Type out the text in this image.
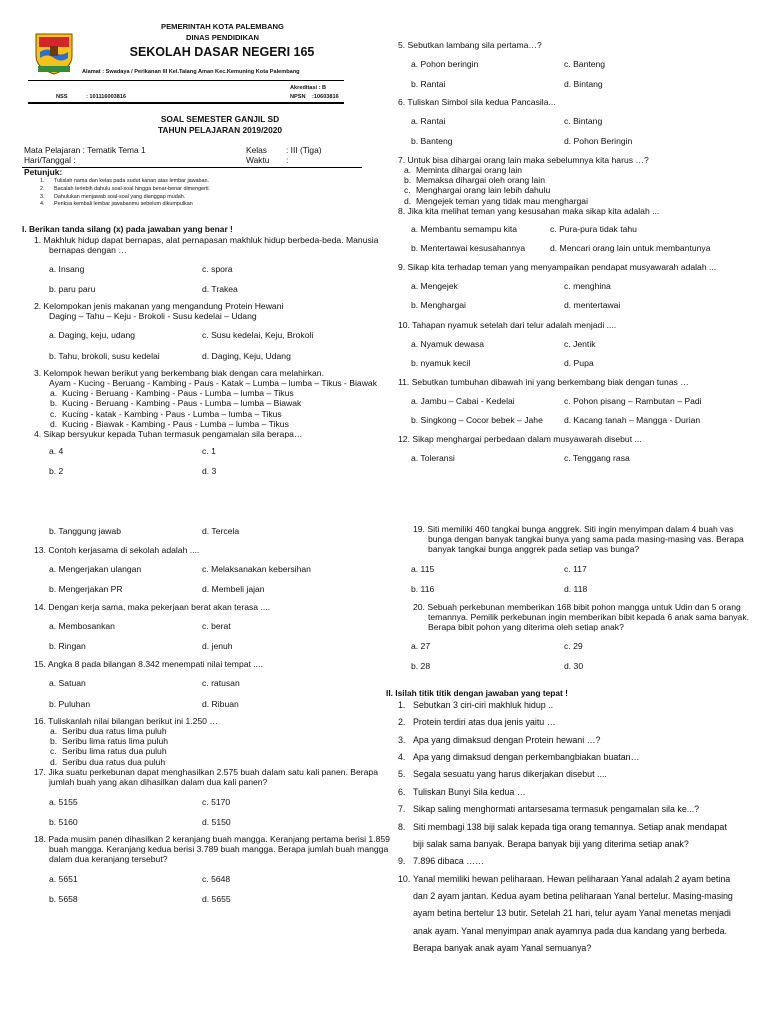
PEMERINTAH KOTA PALEMBANG
DINAS PENDIDIKAN
SEKOLAH DASAR NEGERI 165
Alamat : Swadaya / Perikanan III Kel.Talang Aman Kec.Kemuning Kota Palembang
Akreditasi : B
NSS	: 101116003816	NPSN :10603816
SOAL SEMESTER GANJIL SD
TAHUN PELAJARAN 2019/2020
Mata Pelajaran : Tematik Tema 1	Kelas : III (Tiga)
Hari/Tanggal :	Waktu :
Petunjuk:
1. Tulislah nama dan kelas pada sudut kanan atas lembar jawaban.
2. Bacalah terlebih dahulu soal-soal hingga benar-benar dimengerti.
3. Dahulukan menjawab soal-soal yang dianggap mudah.
4. Periksa kembali lembar jawabanmu sebelum dikumpulkan
I. Berikan tanda silang (x) pada jawaban yang benar !

1. Makhluk hidup dapat bernapas, alat pernapasan makhluk hidup berbeda-beda. Manusia

bernapas dengan …

a. Insang	c. spora
b. paru paru	d. Trakea

2. Kelompokan jenis makanan yang mengandung Protein Hewani

Daging – Tahu – Keju - Brokoli - Susu kedelai – Udang

a. Daging, keju, udang	c. Susu kedelai, Keju, Brokoli
b. Tahu, brokoli, susu kedelai	d. Daging, Keju, Udang

3. Kelompok hewan berikut yang berkembang biak dengan cara melahirkan.

Ayam - Kucing - Beruang - Kambing - Paus - Katak – Lumba – lumba – Tikus - Biawak

a. Kucing - Beruang - Kambing - Paus - Lumba – lumba – Tikus
b. Kucing - Beruang - Kambing - Paus - Lumba – lumba – Biawak
c. Kucing - katak - Kambing - Paus - Lumba – lumba – Tikus
d. Kucing - Biawak - Kambing - Paus - Lumba – lumba – Tikus

4. Sikap bersyukur kepada Tuhan termasuk pengamalan sila berapa…

a. 4	c. 1
b. 2	d. 3
5. Sebutkan lambang sila pertama…?
a. Pohon beringin	c. Banteng
b. Rantai	d. Bintang
6. Tuliskan Simbol sila kedua Pancasila...
a. Rantai	c. Bintang
b. Banteng	d. Pohon Beringin

7. Untuk bisa dihargai orang lain maka sebelumnya kita harus …?

a. Meminta dihargai orang lain
b. Memaksa dihargai oleh orang lain
c. Menghargai orang lain lebih dahulu
d. Mengejek teman yang tidak mau menghargai

8. Jika kita melihat teman yang kesusahan maka sikap kita adalah ...

a. Membantu semampu kita	c. Pura-pura tidak tahu
b. Mentertawai kesusahannya	d. Mencari orang lain untuk membantunya
9. Sikap kita terhadap teman yang menyampaikan pendapat musyawarah adalah ...
a. Mengejek	c. menghina
b. Menghargai	d. mentertawai
10. Tahapan nyamuk setelah dari telur adalah menjadi ....
a. Nyamuk dewasa	c. Jentik
b. nyamuk kecil	d. Pupa
11. Sebutkan tumbuhan dibawah ini yang berkembang biak dengan tunas …
a. Jambu – Cabai - Kedelai	c. Pohon pisang – Rambutan – Padi
b. Singkong – Cocor bebek – Jahe d. Kacang tanah – Mangga - Durian
12. Sikap menghargai perbedaan dalam musyawarah disebut ...
a. Toleransi	c. Tenggang rasa
b. Tanggung jawab	d. Tercela
13. Contoh kerjasama di sekolah adalah ....
a. Mengerjakan ulangan	c. Melaksanakan kebersihan
b. Mengerjakan PR	d. Membeli jajan
14. Dengan kerja sama, maka pekerjaan berat akan terasa ....
a. Membosankan	c. berat
b. Ringan	d. jenuh
15. Angka 8 pada bilangan 8.342 menempati nilai tempat ....
a. Satuan	c. ratusan
b. Puluhan	d. Ribuan

16. Tuliskanlah nilai bilangan berikut ini 1.250 …

a. Seribu dua ratus lima puluh
b. Seribu lima ratus lima puluh
c. Seribu lima ratus dua puluh
d. Seribu dua ratus dua puluh

17. Jika suatu perkebunan dapat menghasilkan 2.575 buah dalam satu kali panen. Berapa

jumlah buah yang akan dihasilkan dalam dua kali panen?

a. 5155	c. 5170
b. 5160	d. 5150

18. Pada musim panen dihasilkan 2 keranjang buah mangga. Keranjang pertama berisi 1.859

buah mangga. Keranjang kedua berisi 3.789 buah mangga. Berapa jumlah buah mangga

dalam dua keranjang tersebut?

a. 5651	c. 5648
b. 5658	d. 5655

19. Siti memiliki 460 tangkai bunga anggrek. Siti ingin menyimpan dalam 4 buah vas

bunga dengan banyak tangkai bunya yang sama pada masing-masing vas. Berapa

banyak tangkai bunga anggrek pada setiap vas bunga?

a. 115	c. 117
b. 116	d. 118

20. Sebuah perkebunan memberikan 168 bibit pohon mangga untuk Udin dan 5 orang

temannya. Pemilik perkebunan ingin memberikan bibit kepada 6 anak sama banyak.

Berapa bibit pohon yang diterima oleh setiap anak?

a. 27	c. 29
b. 28	d. 30
II. Isilah titik titik dengan jawaban yang tepat !
1. Sebutkan 3 ciri-ciri makhluk hidup ..
2. Protein terdiri atas dua jenis yaitu …
3. Apa yang dimaksud dengan Protein hewani …?
4. Apa yang dimaksud dengan perkembangbiakan buatan…
5. Segala sesuatu yang harus dikerjakan disebut ....
6. Tuliskan Bunyi Sila kedua …
7. Sikap saling menghormati antarsesama termasuk pengamalan sila ke...?
8. Siti membagi 138 biji salak kepada tiga orang temannya. Setiap anak mendapat biji salak sama banyak. Berapa banyak biji yang diterima setiap anak?
9. 7.896 dibaca ……
10. Yanal memiliki hewan peliharaan. Hewan peliharaan Yanal adalah 2 ayam betina dan 2 ayam jantan. Kedua ayam betina peliharaan Yanal bertelur. Masing-masing ayam betina bertelur 13 butir. Setelah 21 hari, telur ayam Yanal menetas menjadi anak ayam. Yanal menyimpan anak ayamnya pada dua kandang yang berbeda. Berapa banyak anak ayam Yanal semuanya?
